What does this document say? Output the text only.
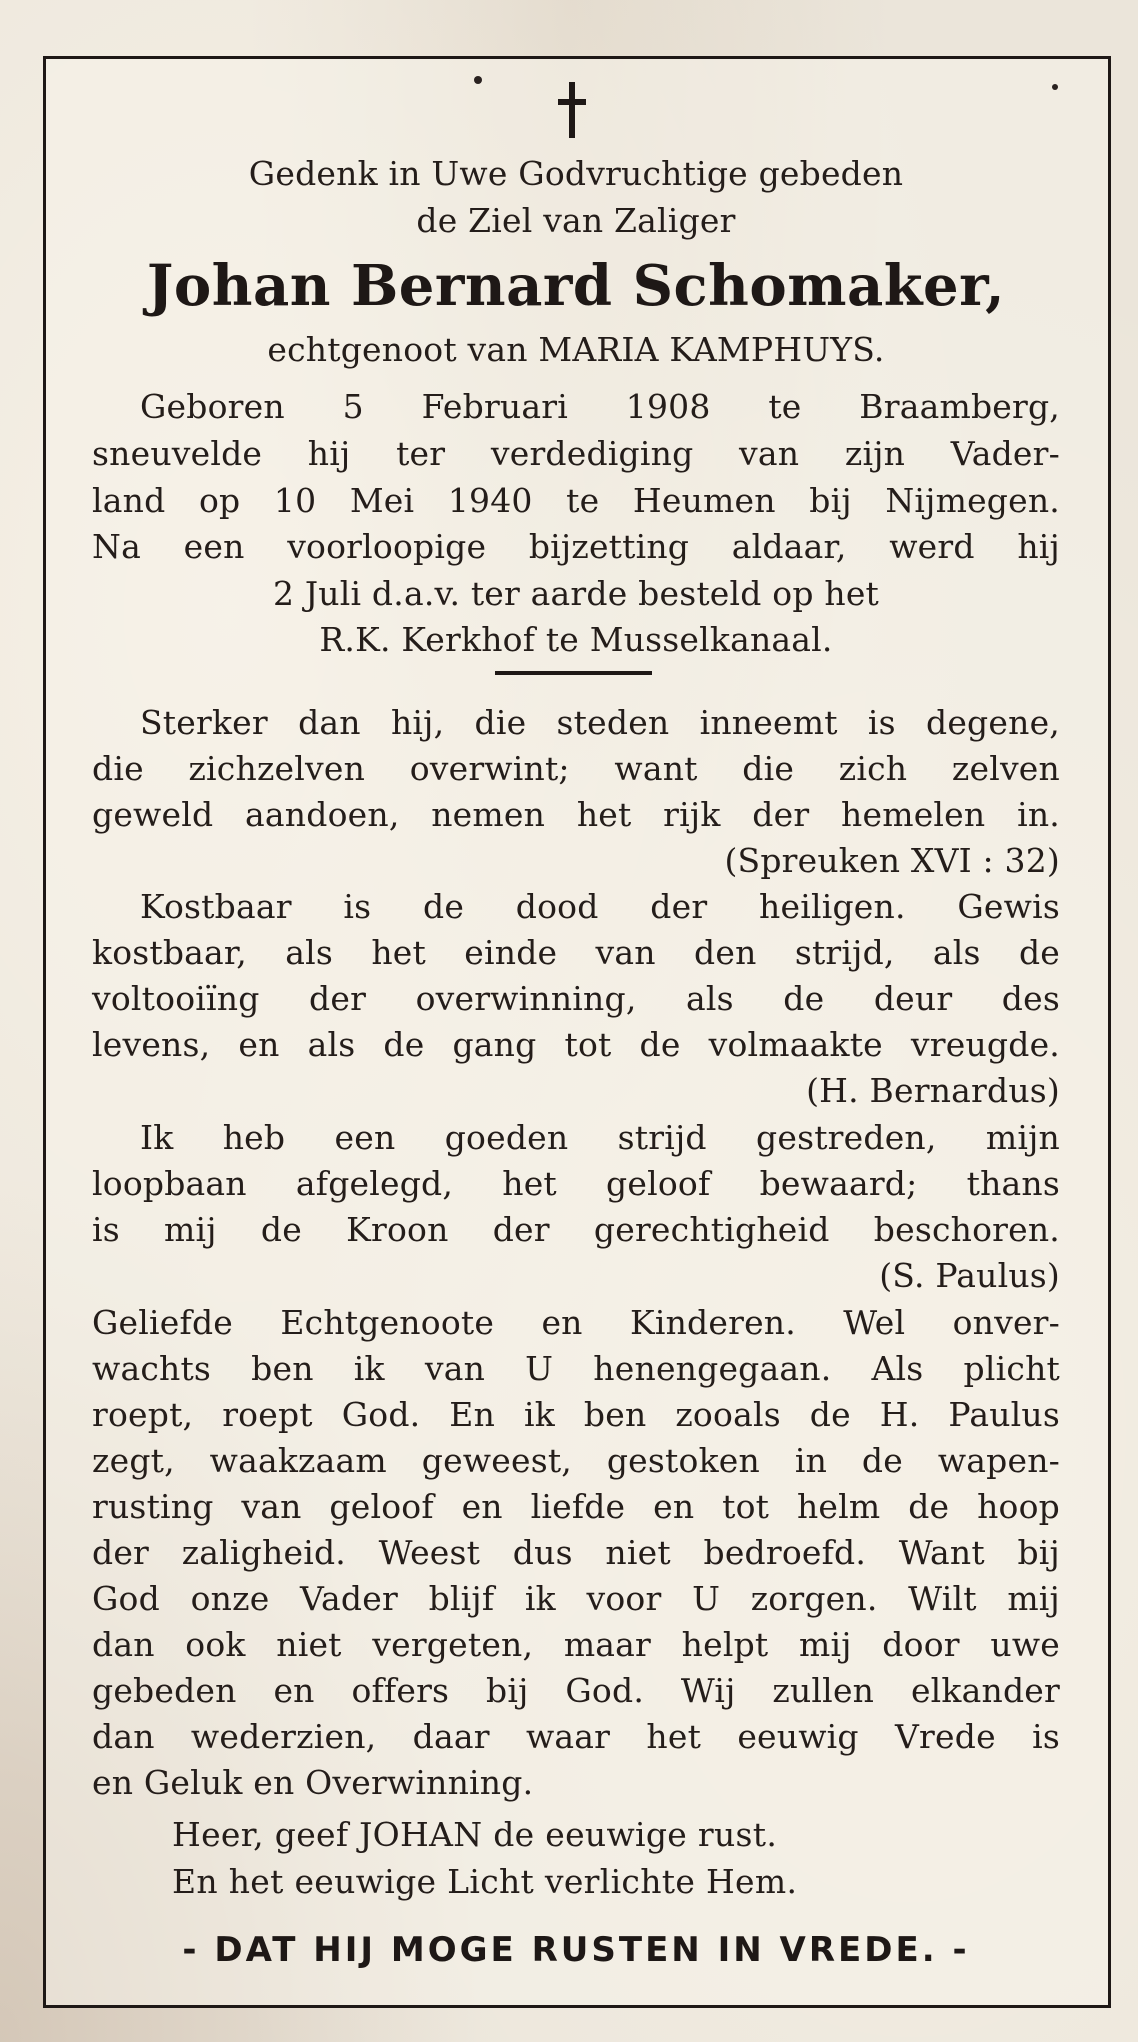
Gedenk in Uwe Godvruchtige gebeden
de Ziel van Zaliger
Johan Bernard Schomaker,
echtgenoot van MARIA KAMPHUYS.
Geboren 5 Februari 1908 te Braamberg,
sneuvelde hij ter verdediging van zijn Vader-
land op 10 Mei 1940 te Heumen bij Nijmegen.
Na een voorloopige bijzetting aldaar, werd hij
2 Juli d.a.v. ter aarde besteld op het
R.K. Kerkhof te Musselkanaal.
Sterker dan hij, die steden inneemt is degene,
die zichzelven overwint; want die zich zelven
geweld aandoen, nemen het rijk der hemelen in.
(Spreuken XVI : 32)
Kostbaar is de dood der heiligen. Gewis
kostbaar, als het einde van den strijd, als de
voltooiïng der overwinning, als de deur des
levens, en als de gang tot de volmaakte vreugde.
(H. Bernardus)
Ik heb een goeden strijd gestreden, mijn
loopbaan afgelegd, het geloof bewaard; thans
is mij de Kroon der gerechtigheid beschoren.
(S. Paulus)
Geliefde Echtgenoote en Kinderen. Wel onver-
wachts ben ik van U henengegaan. Als plicht
roept, roept God. En ik ben zooals de H. Paulus
zegt, waakzaam geweest, gestoken in de wapen-
rusting van geloof en liefde en tot helm de hoop
der zaligheid. Weest dus niet bedroefd. Want bij
God onze Vader blijf ik voor U zorgen. Wilt mij
dan ook niet vergeten, maar helpt mij door uwe
gebeden en offers bij God. Wij zullen elkander
dan wederzien, daar waar het eeuwig Vrede is
en Geluk en Overwinning.
Heer, geef JOHAN de eeuwige rust.
En het eeuwige Licht verlichte Hem.
- DAT HIJ MOGE RUSTEN IN VREDE. -
